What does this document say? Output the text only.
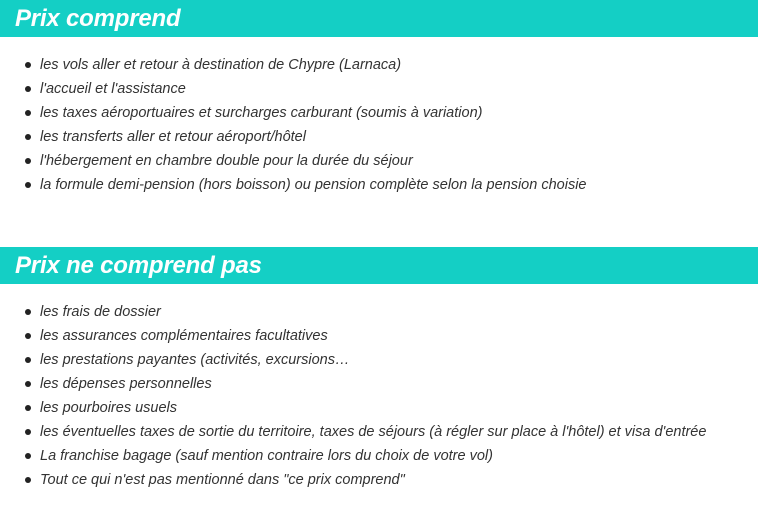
Prix comprend
les vols aller et retour à destination de Chypre (Larnaca)
l'accueil et l'assistance
les taxes aéroportuaires et surcharges carburant (soumis à variation)
les transferts aller et retour aéroport/hôtel
l'hébergement en chambre double pour la durée du séjour
la formule demi-pension (hors boisson) ou pension complète selon la pension choisie
Prix ne comprend pas
les frais de dossier
les assurances complémentaires facultatives
les prestations payantes (activités, excursions…
les dépenses personnelles
les pourboires usuels
les éventuelles taxes de sortie du territoire, taxes de séjours (à régler sur place à l'hôtel) et visa d'entrée
La franchise bagage (sauf mention contraire lors du choix de votre vol)
Tout ce qui n'est pas mentionné dans "ce prix comprend"
